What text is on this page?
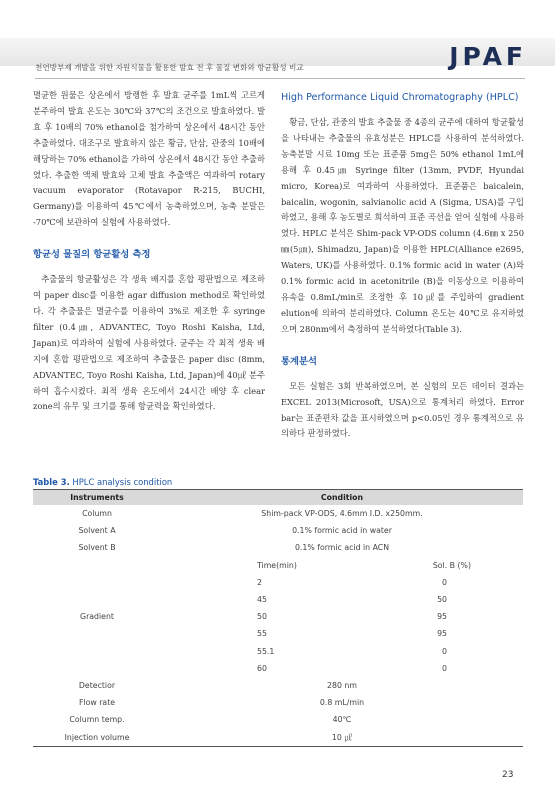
천연방부제 개발을 위한 자원식물을 활용한 발효 전 후 물질 변화와 항균활성 비교	JPAF

멸균한 원물은 상온에서 방랭한 후 발효 균주를 1mL씩 고르게 분주하여 발효 온도는 30℃와 37℃의 조건으로 발효하였다. 발효 후 10배의 70% ethanol을 첨가하여 상온에서 48시간 동안 추출하였다. 대조구로 발효하지 않은 황금, 단삼, 관중의 10배에 해당하는 70% ethanol을 가하여 상온에서 48시간 동안 추출하였다. 추출한 액체 발효와 고체 발효 추출액은 여과하여 rotary vacuum evaporator (Rotavapor R-215, BUCHI, Germany)를 이용하여 45℃에서 농축하였으며, 농축 분말은 -70℃에 보관하여 실험에 사용하였다.

항균성 물질의 항균활성 측정

추출물의 항균활성은 각 생육 배지를 혼합 평판법으로 제조하여 paper disc를 이용한 agar diffusion method로 확인하였다. 각 추출물은 멸균수를 이용하여 3%로 제조한 후 syringe filter (0.4㎛, ADVANTEC, Toyo Roshi Kaisha, Ltd, Japan)로 여과하여 실험에 사용하였다. 균주는 각 최적 생육 배지에 혼합 평판법으로 제조하여 추출물은 paper disc (8mm, ADVANTEC, Toyo Roshi Kaisha, Ltd, Japan)에 40㎕ 분주하여 흡수시켰다. 최적 생육 온도에서 24시간 배양 후 clear zone의 유무 및 크기를 통해 항균력을 확인하였다.

High Performance Liquid Chromatography (HPLC)

황금, 단삼, 관중의 발효 추출물 중 4종의 균주에 대하여 항균활성을 나타내는 추출물의 유효성분은 HPLC를 사용하여 분석하였다. 농축분말 시료 10mg 또는 표준품 5mg은 50% ethanol 1mL에 용해 후 0.45㎛ Syringe filter (13mm, PVDF, Hyundai micro, Korea)로 여과하여 사용하였다. 표준품은 baicalein, baicalin, wogonin, salvianolic acid A (Sigma, USA)를 구입하였고, 용해 후 농도별로 희석하여 표준 곡선을 얻어 실험에 사용하였다. HPLC 분석은 Shim-pack VP-ODS column (4.6㎜ x 250㎜(5㎛), Shimadzu, Japan)을 이용한 HPLC(Alliance e2695, Waters, UK)를 사용하였다. 0.1% formic acid in water (A)와 0.1% formic acid in acetonitrile (B)을 이동상으로 이용하여 유속을 0.8mL/min로 조정한 후 10㎕를 주입하여 gradient elution에 의하여 분리하였다. Column 온도는 40℃로 유지하였으며 280nm에서 측정하여 분석하였다(Table 3).

통계분석

모든 실험은 3회 반복하였으며, 본 실험의 모든 데이터 결과는 EXCEL 2013(Microsoft, USA)으로 통계처리 하였다. Error bar는 표준편차 값을 표시하였으며 p<0.05인 경우 통계적으로 유의하다 판정하였다.

Table 3. HPLC analysis condition
Instruments	Condition	
Column	Shim-pack VP-ODS, 4.6mm I.D. x250mm.	
Solvent A	0.1% formic acid in water	
Solvent B	0.1% formic acid in ACN	
Gradient	Time(min)	Sol. B (%)
	2	0
	45	50
	50	95
	55	95
	55.1	0
	60	0
Detectior	280 nm	
Flow rate	0.8 mL/min	
Column temp.	40℃	
Injection volume	10 ㎕	
23
